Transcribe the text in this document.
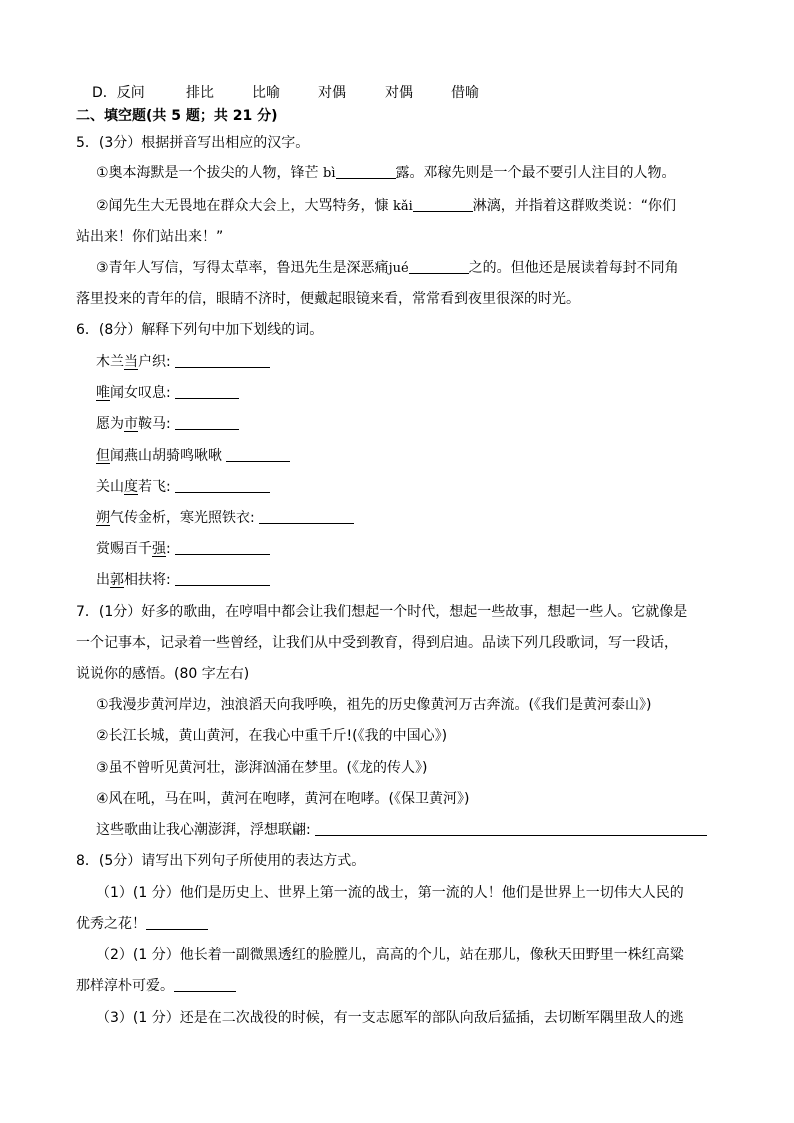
D．反问	排比	比喻	对偶	对偶	借喻
二、填空题(共 5 题；共 21 分)
5．(3分）根据拼音写出相应的汉字。
①奥本海默是一个拔尖的人物，锋芒 bì	露。邓稼先则是一个最不要引人注目的人物。
②闻先生大无畏地在群众大会上，大骂特务，慷 kǎi	淋漓，并指着这群败类说：“你们
站出来！你们站出来！”
③青年人写信，写得太草率，鲁迅先生是深恶痛jué	之的。但他还是展读着每封不同角
落里投来的青年的信，眼睛不济时，便戴起眼镜来看，常常看到夜里很深的时光。
6．(8分）解释下列句中加下划线的词。
木兰当户织:
唯闻女叹息:
愿为市鞍马:
但闻燕山胡骑鸣啾啾
关山度若飞:
朔气传金析，寒光照铁衣:
赏赐百千强:
出郭相扶将:
7．(1分）好多的歌曲，在哼唱中都会让我们想起一个时代，想起一些故事，想起一些人。它就像是
一个记事本，记录着一些曾经，让我们从中受到教育，得到启迪。品读下列几段歌词，写一段话，
说说你的感悟。(80 字左右)
①我漫步黄河岸边，浊浪滔天向我呼唤，祖先的历史像黄河万古奔流。(《我们是黄河泰山》)
②长江长城，黄山黄河，在我心中重千斤!(《我的中国心》)
③虽不曾听见黄河壮，澎湃汹涌在梦里。(《龙的传人》)
④风在吼，马在叫，黄河在咆哮，黄河在咆哮。(《保卫黄河》)
这些歌曲让我心潮澎湃，浮想联翩:
8．(5分）请写出下列句子所使用的表达方式。
（1）(1 分）他们是历史上、世界上第一流的战士，第一流的人！他们是世界上一切伟大人民的
优秀之花！
（2）(1 分）他长着一副微黑透红的脸膛儿，高高的个儿，站在那儿，像秋天田野里一株红高粱
那样淳朴可爱。
（3）(1 分）还是在二次战役的时候，有一支志愿军的部队向敌后猛插，去切断军隅里敌人的逃
